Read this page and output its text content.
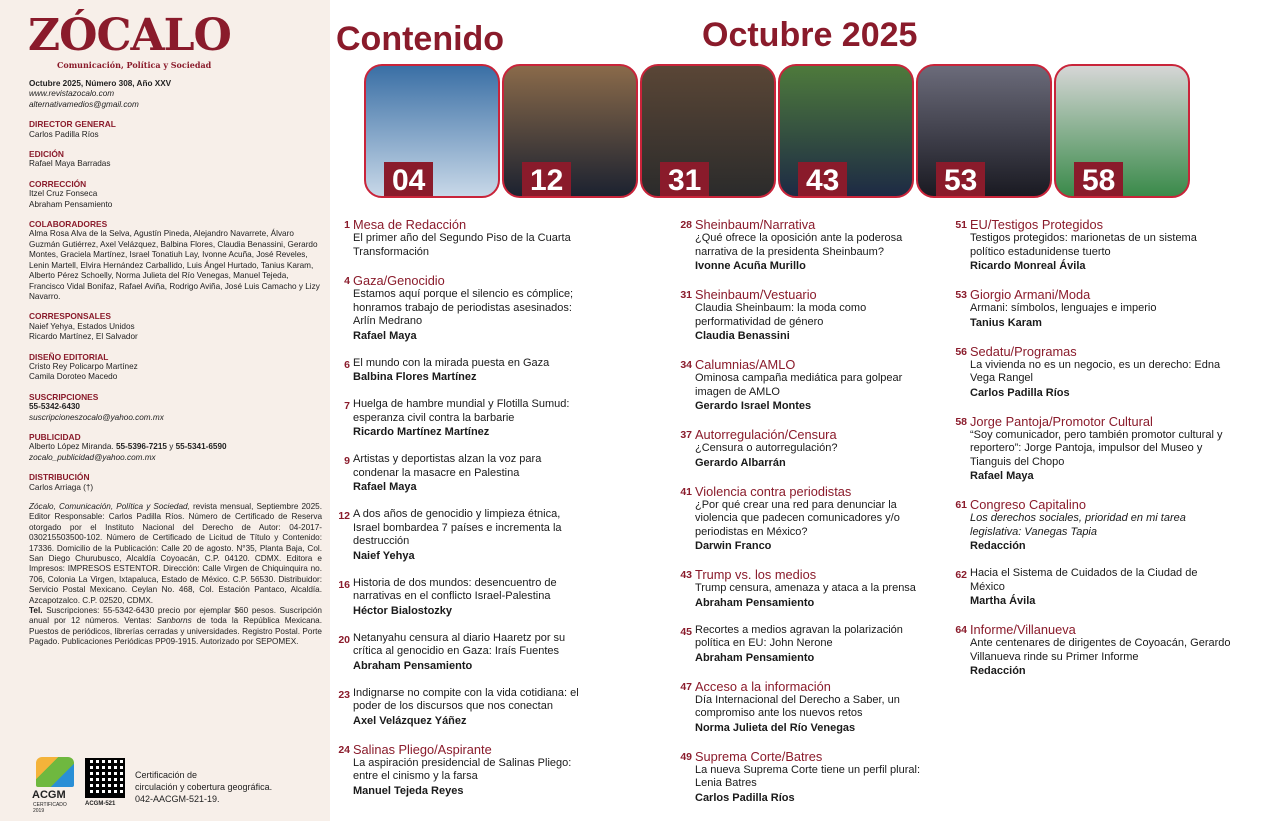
ZÓCALO
Comunicación, Política y Sociedad
Octubre 2025, Número 308, Año XXV
www.revistazocalo.com
alternativamedios@gmail.com
DIRECTOR GENERAL
Carlos Padilla Ríos
EDICIÓN
Rafael Maya Barradas
CORRECCIÓN
Itzel Cruz Fonseca
Abraham Pensamiento
COLABORADORES
Alma Rosa Alva de la Selva, Agustín Pineda, Alejandro Navarrete, Álvaro Guzmán Gutiérrez, Axel Velázquez, Balbina Flores, Claudia Benassini, Gerardo Montes, Graciela Martínez, Israel Tonatiuh Lay, Ivonne Acuña, José Reveles, Lenin Martell, Elvira Hernández Carballido, Luis Ángel Hurtado, Tanius Karam, Alberto Pérez Schoelly, Norma Julieta del Río Venegas, Manuel Tejeda, Francisco Vidal Bonifaz, Rafael Aviña, Rodrigo Aviña, José Luis Camacho y Lizy Navarro.
CORRESPONSALES
Naief Yehya, Estados Unidos
Ricardo Martínez, El Salvador
DISEÑO EDITORIAL
Cristo Rey Policarpo Martínez
Camila Doroteo Macedo
SUSCRIPCIONES
55-5342-6430
suscripcioneszocalo@yahoo.com.mx
PUBLICIDAD
Alberto López Miranda. 55-5396-7215 y 55-5341-6590
zocalo_publicidad@yahoo.com.mx
DISTRIBUCIÓN
Carlos Arriaga (†)
Zócalo, Comunicación, Política y Sociedad, revista mensual, Septiembre 2025. Editor Responsable: Carlos Padilla Ríos. Número de Certificado de Reserva otorgado por el Instituto Nacional del Derecho de Autor: 04-2017-030215503500-102. Número de Certificado de Licitud de Título y Contenido: 17336. Domicilio de la Publicación: Calle 20 de agosto. N°35, Planta Baja, Col. San Diego Churubusco, Alcaldía Coyoacán, C.P. 04120. CDMX. Editora e Impresos: IMPRESOS ESTENTOR. Dirección: Calle Virgen de Chiquinquira no. 706, Colonia La Virgen, Ixtapaluca, Estado de México. C.P. 56530. Distribuidor: Servicio Postal Mexicano. Ceylan No. 468, Col. Estación Pantaco, Alcaldía. Azcapotzalco. C.P. 02520, CDMX.
Tel. Suscripciones: 55-5342-6430 precio por ejemplar $60 pesos. Suscripción anual por 12 números. Ventas: Sanborns de toda la República Mexicana. Puestos de periódicos, librerías cerradas y universidades. Registro Postal. Porte Pagado. Publicaciones Periódicas PP09-1915. Autorizado por SEPOMEX.
ACGM
CERTIFICADO 2019
ACGM-521
Certificación de
circulación y cobertura geográfica.
042-AACGM-521-19.
Contenido	Octubre 2025
04	12	31	43	53	58
1 Mesa de Redacción
El primer año del Segundo Piso de la Cuarta Transformación
4 Gaza/Genocidio
Estamos aquí porque el silencio es cómplice; honramos trabajo de periodistas asesinados: Arlín Medrano
Rafael Maya
6 El mundo con la mirada puesta en Gaza
Balbina Flores Martínez
7 Huelga de hambre mundial y Flotilla Sumud: esperanza civil contra la barbarie
Ricardo Martínez Martínez
9 Artistas y deportistas alzan la voz para condenar la masacre en Palestina
Rafael Maya
12 A dos años de genocidio y limpieza étnica, Israel bombardea 7 países e incrementa la destrucción
Naief Yehya
16 Historia de dos mundos: desencuentro de narrativas en el conflicto Israel-Palestina
Héctor Bialostozky
20 Netanyahu censura al diario Haaretz por su crítica al genocidio en Gaza: Iraís Fuentes
Abraham Pensamiento
23 Indignarse no compite con la vida cotidiana: el poder de los discursos que nos conectan
Axel Velázquez Yáñez
24 Salinas Pliego/Aspirante
La aspiración presidencial de Salinas Pliego: entre el cinismo y la farsa
Manuel Tejeda Reyes
28 Sheinbaum/Narrativa
¿Qué ofrece la oposición ante la poderosa narrativa de la presidenta Sheinbaum?
Ivonne Acuña Murillo
31 Sheinbaum/Vestuario
Claudia Sheinbaum: la moda como performatividad de género
Claudia Benassini
34 Calumnias/AMLO
Ominosa campaña mediática para golpear imagen de AMLO
Gerardo Israel Montes
37 Autorregulación/Censura
¿Censura o autorregulación?
Gerardo Albarrán
41 Violencia contra periodistas
¿Por qué crear una red para denunciar la violencia que padecen comunicadores y/o periodistas en México?
Darwin Franco
43 Trump vs. los medios
Trump censura, amenaza y ataca a la prensa
Abraham Pensamiento
45 Recortes a medios agravan la polarización política en EU: John Nerone
Abraham Pensamiento
47 Acceso a la información
Día Internacional del Derecho a Saber, un compromiso ante los nuevos retos
Norma Julieta del Río Venegas
49 Suprema Corte/Batres
La nueva Suprema Corte tiene un perfil plural: Lenia Batres
Carlos Padilla Ríos
51 EU/Testigos Protegidos
Testigos protegidos: marionetas de un sistema político estadunidense tuerto
Ricardo Monreal Ávila
53 Giorgio Armani/Moda
Armani: símbolos, lenguajes e imperio
Tanius Karam
56 Sedatu/Programas
La vivienda no es un negocio, es un derecho: Edna Vega Rangel
Carlos Padilla Ríos
58 Jorge Pantoja/Promotor Cultural
“Soy comunicador, pero también promotor cultural y reportero”: Jorge Pantoja, impulsor del Museo y Tianguis del Chopo
Rafael Maya
61 Congreso Capitalino
Los derechos sociales, prioridad en mi tarea legislativa: Vanegas Tapia
Redacción
62 Hacia el Sistema de Cuidados de la Ciudad de México
Martha Ávila
64 Informe/Villanueva
Ante centenares de dirigentes de Coyoacán, Gerardo Villanueva rinde su Primer Informe
Redacción
